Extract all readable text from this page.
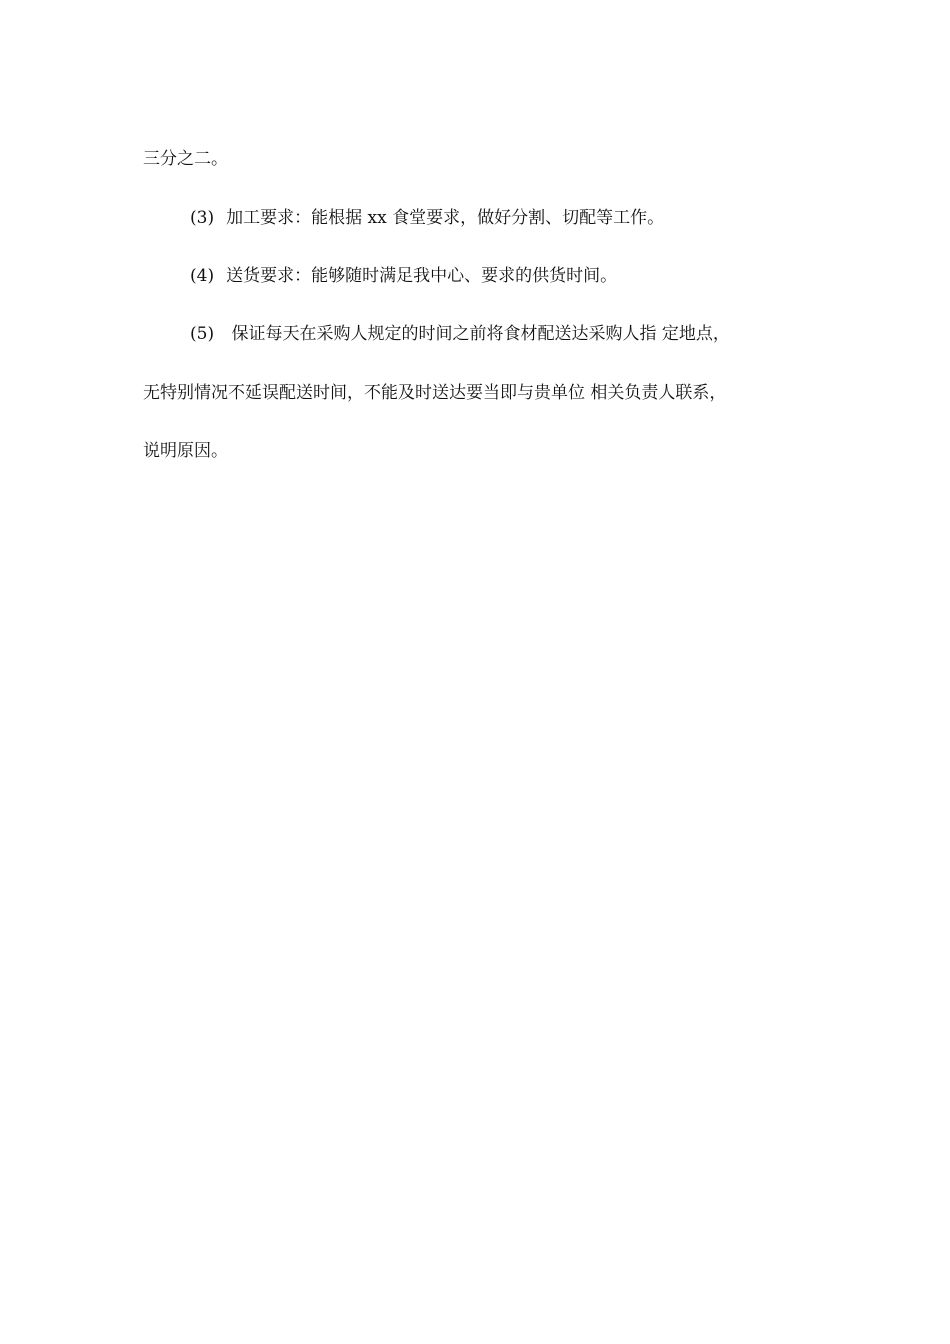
三分之二。
(3) 加工要求：能根据 xx 食堂要求，做好分割、切配等工作。
(4) 送货要求：能够随时满足我中心、要求的供货时间。
(5) 保证每天在采购人规定的时间之前将食材配送达采购人指 定地点，
无特别情况不延误配送时间，不能及时送达要当即与贵单位 相关负责人联系，
说明原因。
